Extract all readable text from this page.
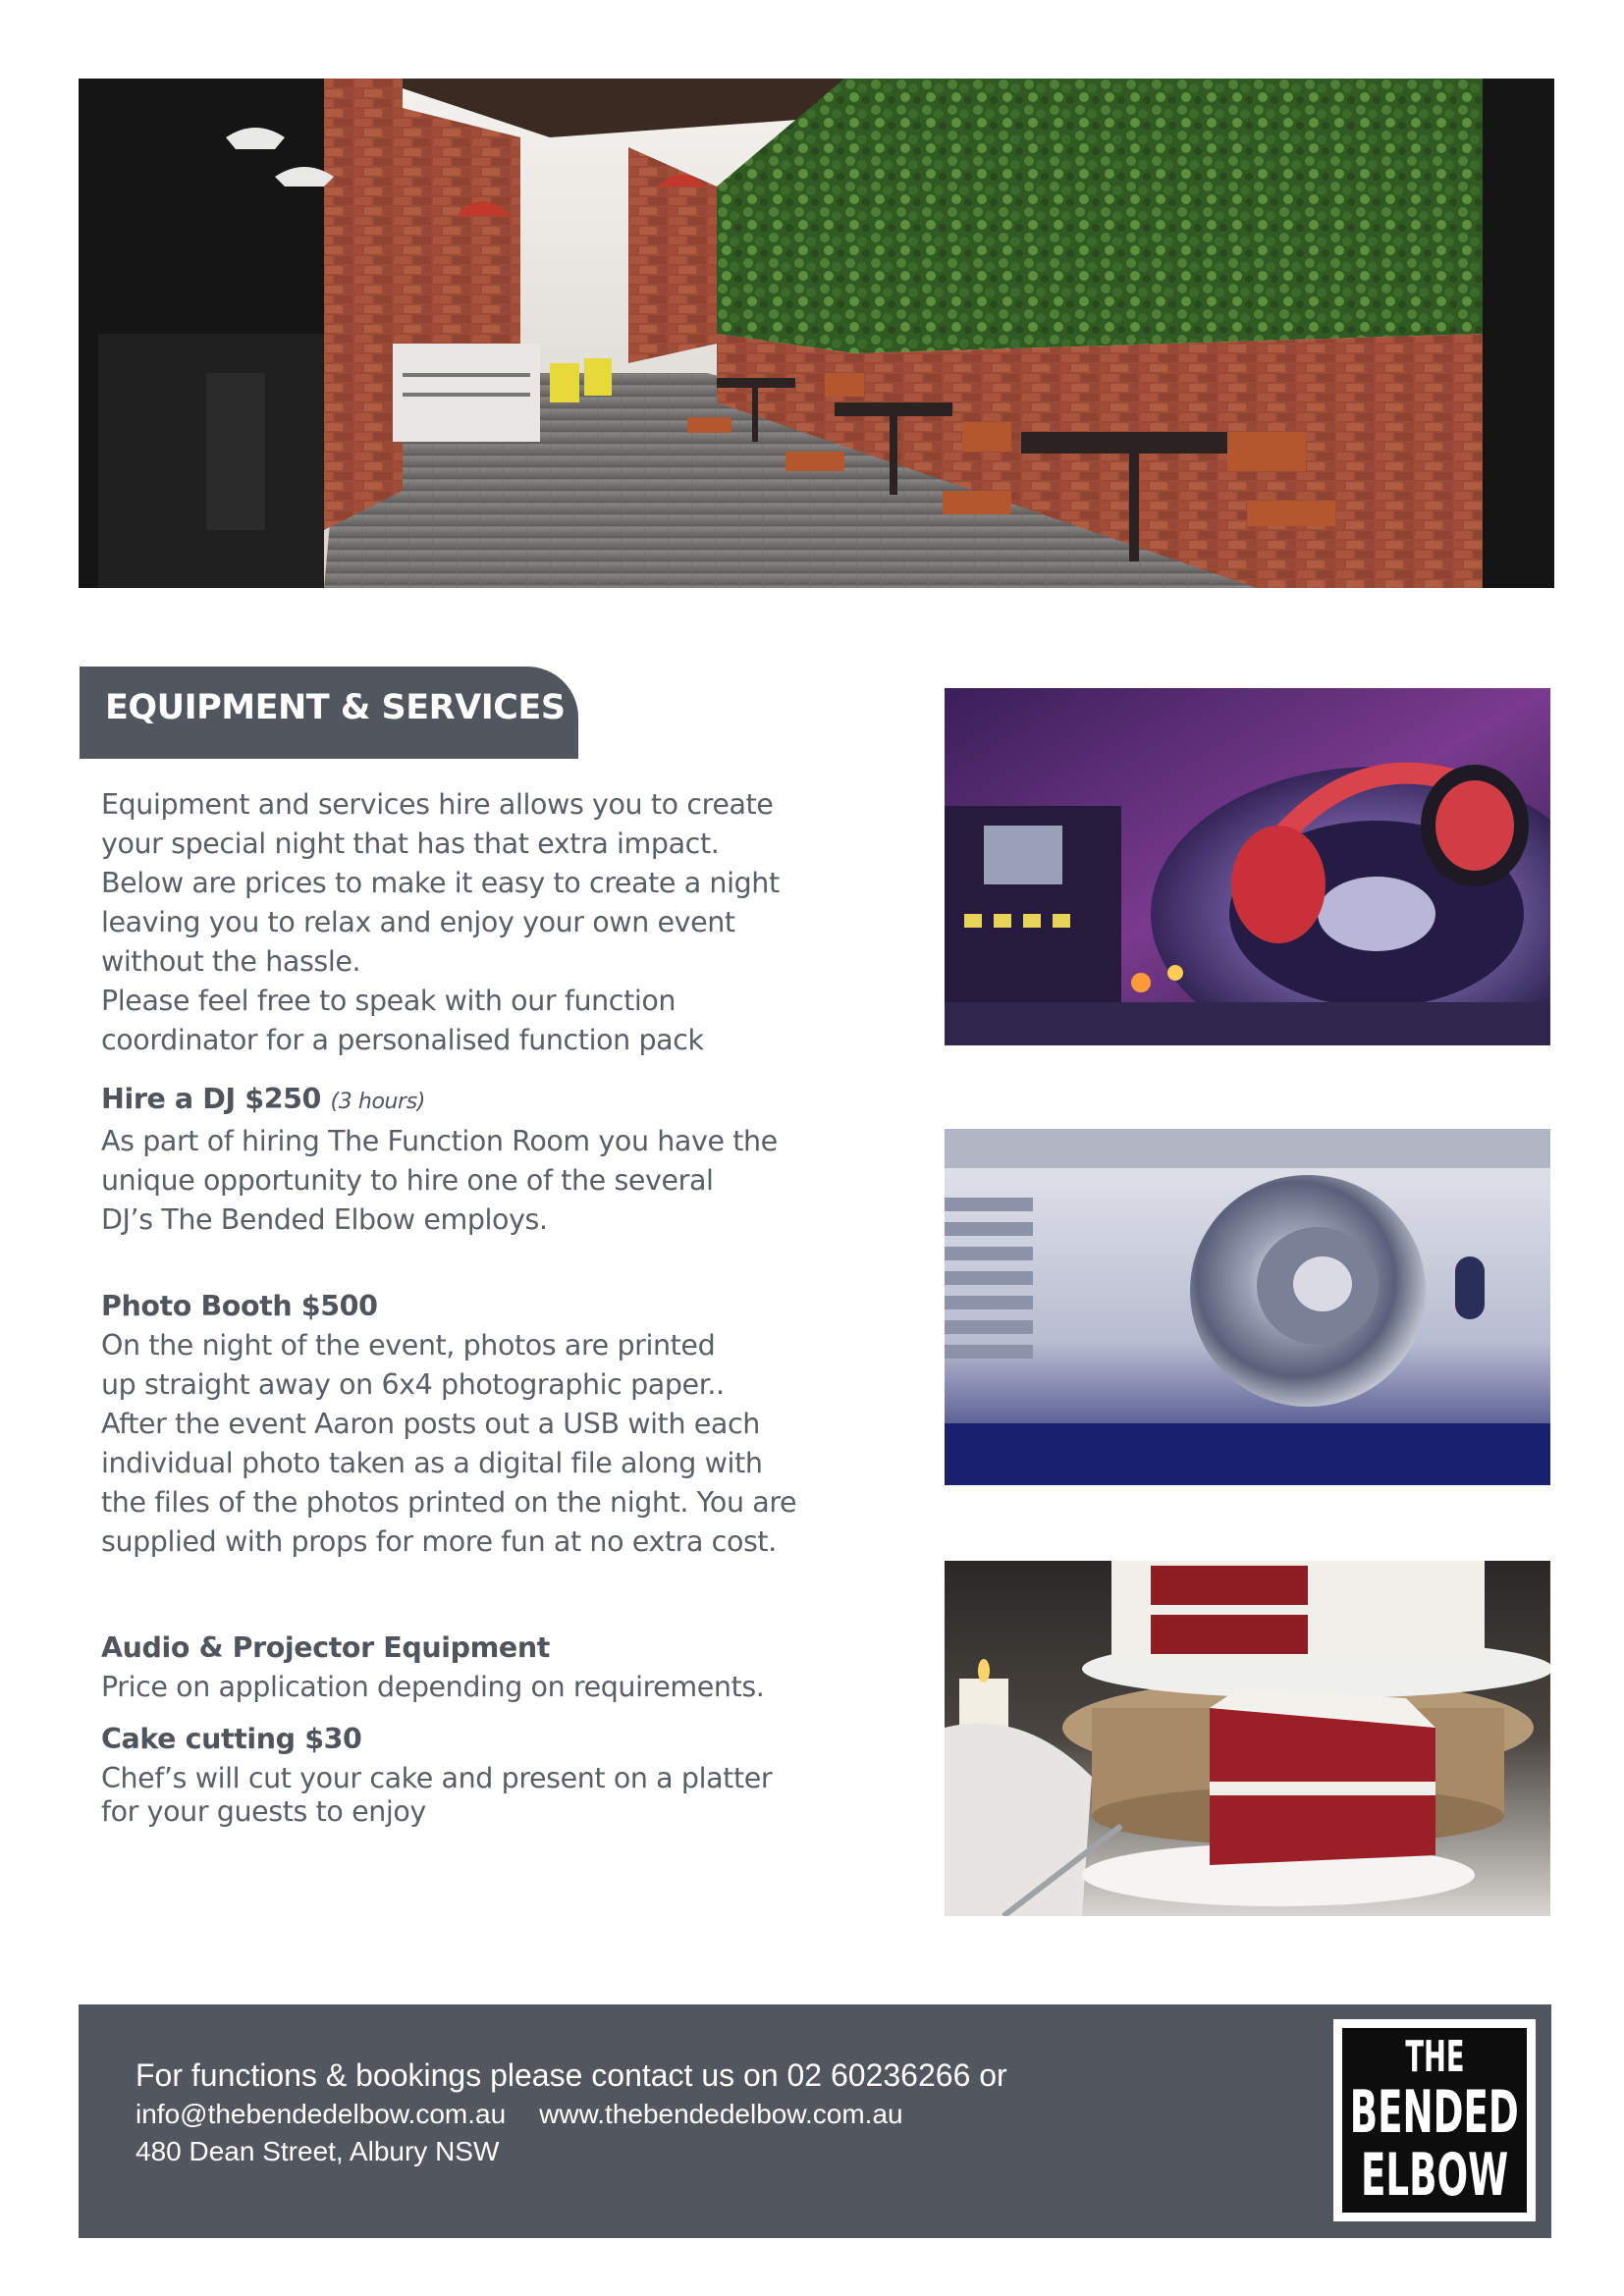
EQUIPMENT & SERVICES
Equipment and services hire allows you to create
your special night that has that extra impact.
Below are prices to make it easy to create a night
leaving you to relax and enjoy your own event
without the hassle.
Please feel free to speak with our function
coordinator for a personalised function pack
Hire a DJ $250 (3 hours)
As part of hiring The Function Room you have the
unique opportunity to hire one of the several
DJ’s The Bended Elbow employs.
Photo Booth $500
On the night of the event, photos are printed
up straight away on 6x4 photographic paper..
After the event Aaron posts out a USB with each
individual photo taken as a digital file along with
the files of the photos printed on the night. You are
supplied with props for more fun at no extra cost.
Audio & Projector Equipment
Price on application depending on requirements.
Cake cutting $30
Chef’s will cut your cake and present on a platter
for your guests to enjoy
For functions & bookings please contact us on 02 60236266 or
info@thebendedelbow.com.au www.thebendedelbow.com.au
480 Dean Street, Albury NSW
THE
BENDED
ELBOW
